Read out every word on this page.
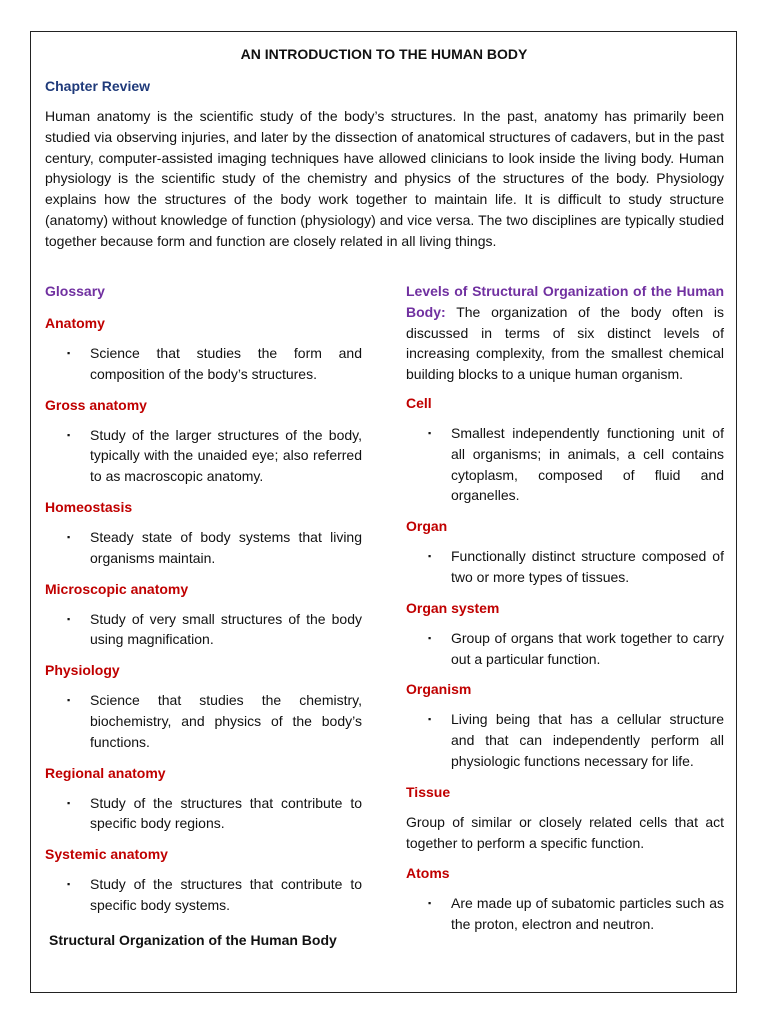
AN INTRODUCTION TO THE HUMAN BODY
Chapter Review

Human anatomy is the scientific study of the body’s structures. In the past, anatomy has primarily been studied via observing injuries, and later by the dissection of anatomical structures of cadavers, but in the past century, computer-assisted imaging techniques have allowed clinicians to look inside the living body. Human physiology is the scientific study of the chemistry and physics of the structures of the body. Physiology explains how the structures of the body work together to maintain life. It is difficult to study structure (anatomy) without knowledge of function (physiology) and vice versa. The two disciplines are typically studied together because form and function are closely related in all living things.

Glossary
Anatomy
▪ Science that studies the form and composition of the body’s structures.
Gross anatomy
▪ Study of the larger structures of the body, typically with the unaided eye; also referred to as macroscopic anatomy.
Homeostasis
▪ Steady state of body systems that living organisms maintain.
Microscopic anatomy
▪ Study of very small structures of the body using magnification.
Physiology
▪ Science that studies the chemistry, biochemistry, and physics of the body’s functions.
Regional anatomy
▪ Study of the structures that contribute to specific body regions.
Systemic anatomy
▪ Study of the structures that contribute to specific body systems.
Structural Organization of the Human Body
Levels of Structural Organization of the Human Body: The organization of the body often is discussed in terms of six distinct levels of increasing complexity, from the smallest chemical building blocks to a unique human organism.
Cell
▪ Smallest independently functioning unit of all organisms; in animals, a cell contains cytoplasm, composed of fluid and organelles.
Organ
▪ Functionally distinct structure composed of two or more types of tissues.
Organ system
▪ Group of organs that work together to carry out a particular function.
Organism
▪ Living being that has a cellular structure and that can independently perform all physiologic functions necessary for life.
Tissue
Group of similar or closely related cells that act together to perform a specific function.
Atoms
▪ Are made up of subatomic particles such as the proton, electron and neutron.
